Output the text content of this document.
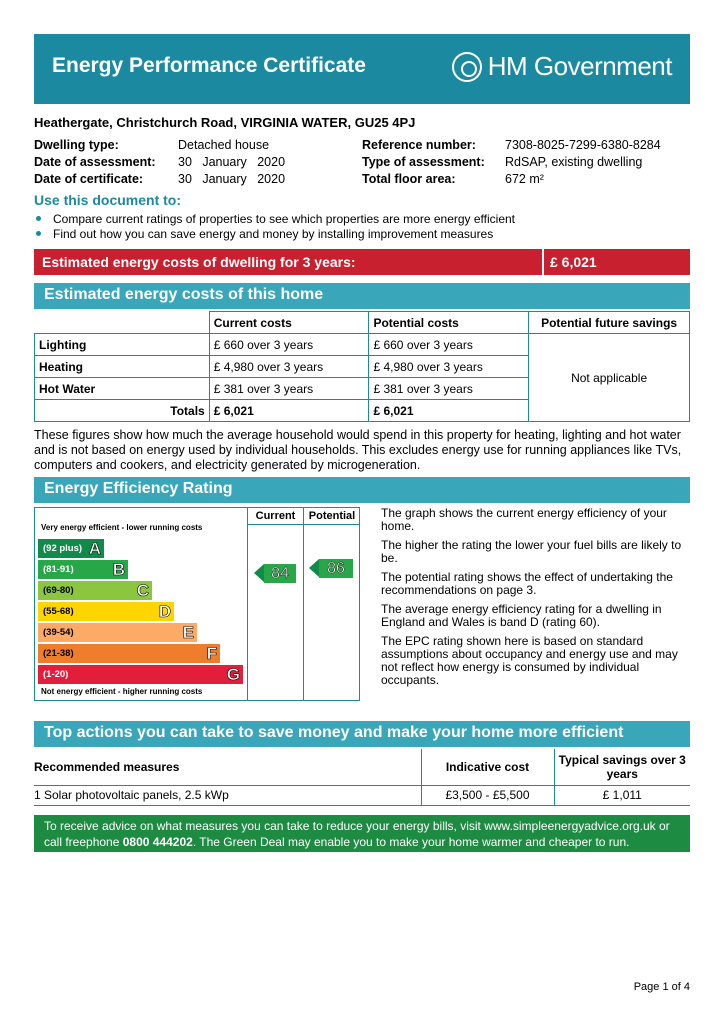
Energy Performance Certificate	HM Government
Heathergate, Christchurch Road, VIRGINIA WATER, GU25 4PJ
Dwelling type:	Detached house
Date of assessment: 30   January   2020
Date of certificate:	30   January   2020
Reference number: 7308-8025-7299-6380-8284
Type of assessment: RdSAP, existing dwelling
Total floor area:	672 m²
Use this document to:
Compare current ratings of properties to see which properties are more energy efficient
Find out how you can save energy and money by installing improvement measures
Estimated energy costs of dwelling for 3 years:	£ 6,021
Estimated energy costs of this home
	Current costs	Potential costs	Potential future savings
Lighting	£ 660 over 3 years	£ 660 over 3 years	Not applicable
Heating	£ 4,980 over 3 years	£ 4,980 over 3 years	
Hot Water	£ 381 over 3 years	£ 381 over 3 years	
Totals	£ 6,021	£ 6,021	
These figures show how much the average household would spend in this property for heating, lighting and hot water and is not based on energy used by individual households. This excludes energy use for running appliances like TVs, computers and cookers, and electricity generated by microgeneration.
Energy Efficiency Rating
Very energy efficient - lower running costs
(92 plus) A
(81-91) B
(69-80)	C
(55-68)	D
(39-54)	E
(21-38)	F
(1-20)	G
Not energy efficient - higher running costs
Current	Potential
84	86

The graph shows the current energy efficiency of your home.

The higher the rating the lower your fuel bills are likely to be.

The potential rating shows the effect of undertaking the recommendations on page 3.

The average energy efficiency rating for a dwelling in England and Wales is band D (rating 60).

The EPC rating shown here is based on standard assumptions about occupancy and energy use and may not reflect how energy is consumed by individual occupants.

Top actions you can take to save money and make your home more efficient
Recommended measures	Indicative cost	Typical savings over 3 years
1 Solar photovoltaic panels, 2.5 kWp	£3,500 - £5,500	£ 1,011
To receive advice on what measures you can take to reduce your energy bills, visit www.simpleenergyadvice.org.uk or
call freephone 0800 444202. The Green Deal may enable you to make your home warmer and cheaper to run.
Page 1 of 4
